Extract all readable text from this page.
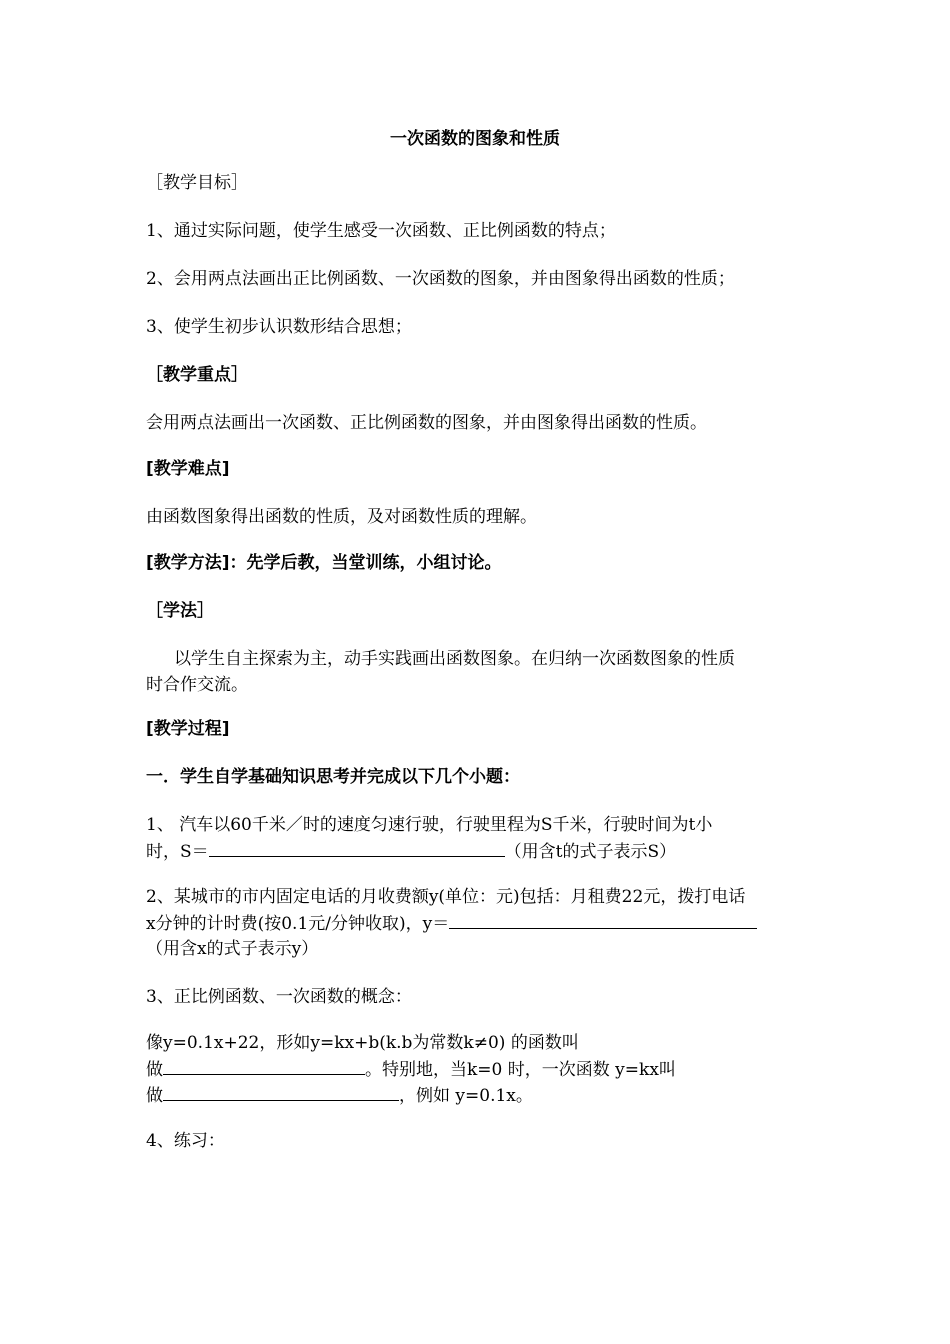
一次函数的图象和性质
［教学目标］
1、通过实际问题，使学生感受一次函数、正比例函数的特点；
2、会用两点法画出正比例函数、一次函数的图象，并由图象得出函数的性质；
3、使学生初步认识数形结合思想；
［教学重点］
会用两点法画出一次函数、正比例函数的图象，并由图象得出函数的性质。
[教学难点]
由函数图象得出函数的性质，及对函数性质的理解。
[教学方法]：先学后教，当堂训练，小组讨论。
［学法］
以学生自主探索为主，动手实践画出函数图象。在归纳一次函数图象的性质
时合作交流。
[教学过程]
一．学生自学基础知识思考并完成以下几个小题：
1、 汽车以60千米／时的速度匀速行驶，行驶里程为S千米，行驶时间为t小
时，S＝	（用含t的式子表示S）
2、某城市的市内固定电话的月收费额y(单位：元)包括：月租费22元，拨打电话
x分钟的计时费(按0.1元/分钟收取)，y＝
（用含x的式子表示y）
3、正比例函数、一次函数的概念：
像y=0.1x+22，形如y=kx+b(k.b为常数k≠0) 的函数叫
做	。特别地，当k=0 时，一次函数 y=kx叫
做	，例如 y=0.1x。
4、练习：
